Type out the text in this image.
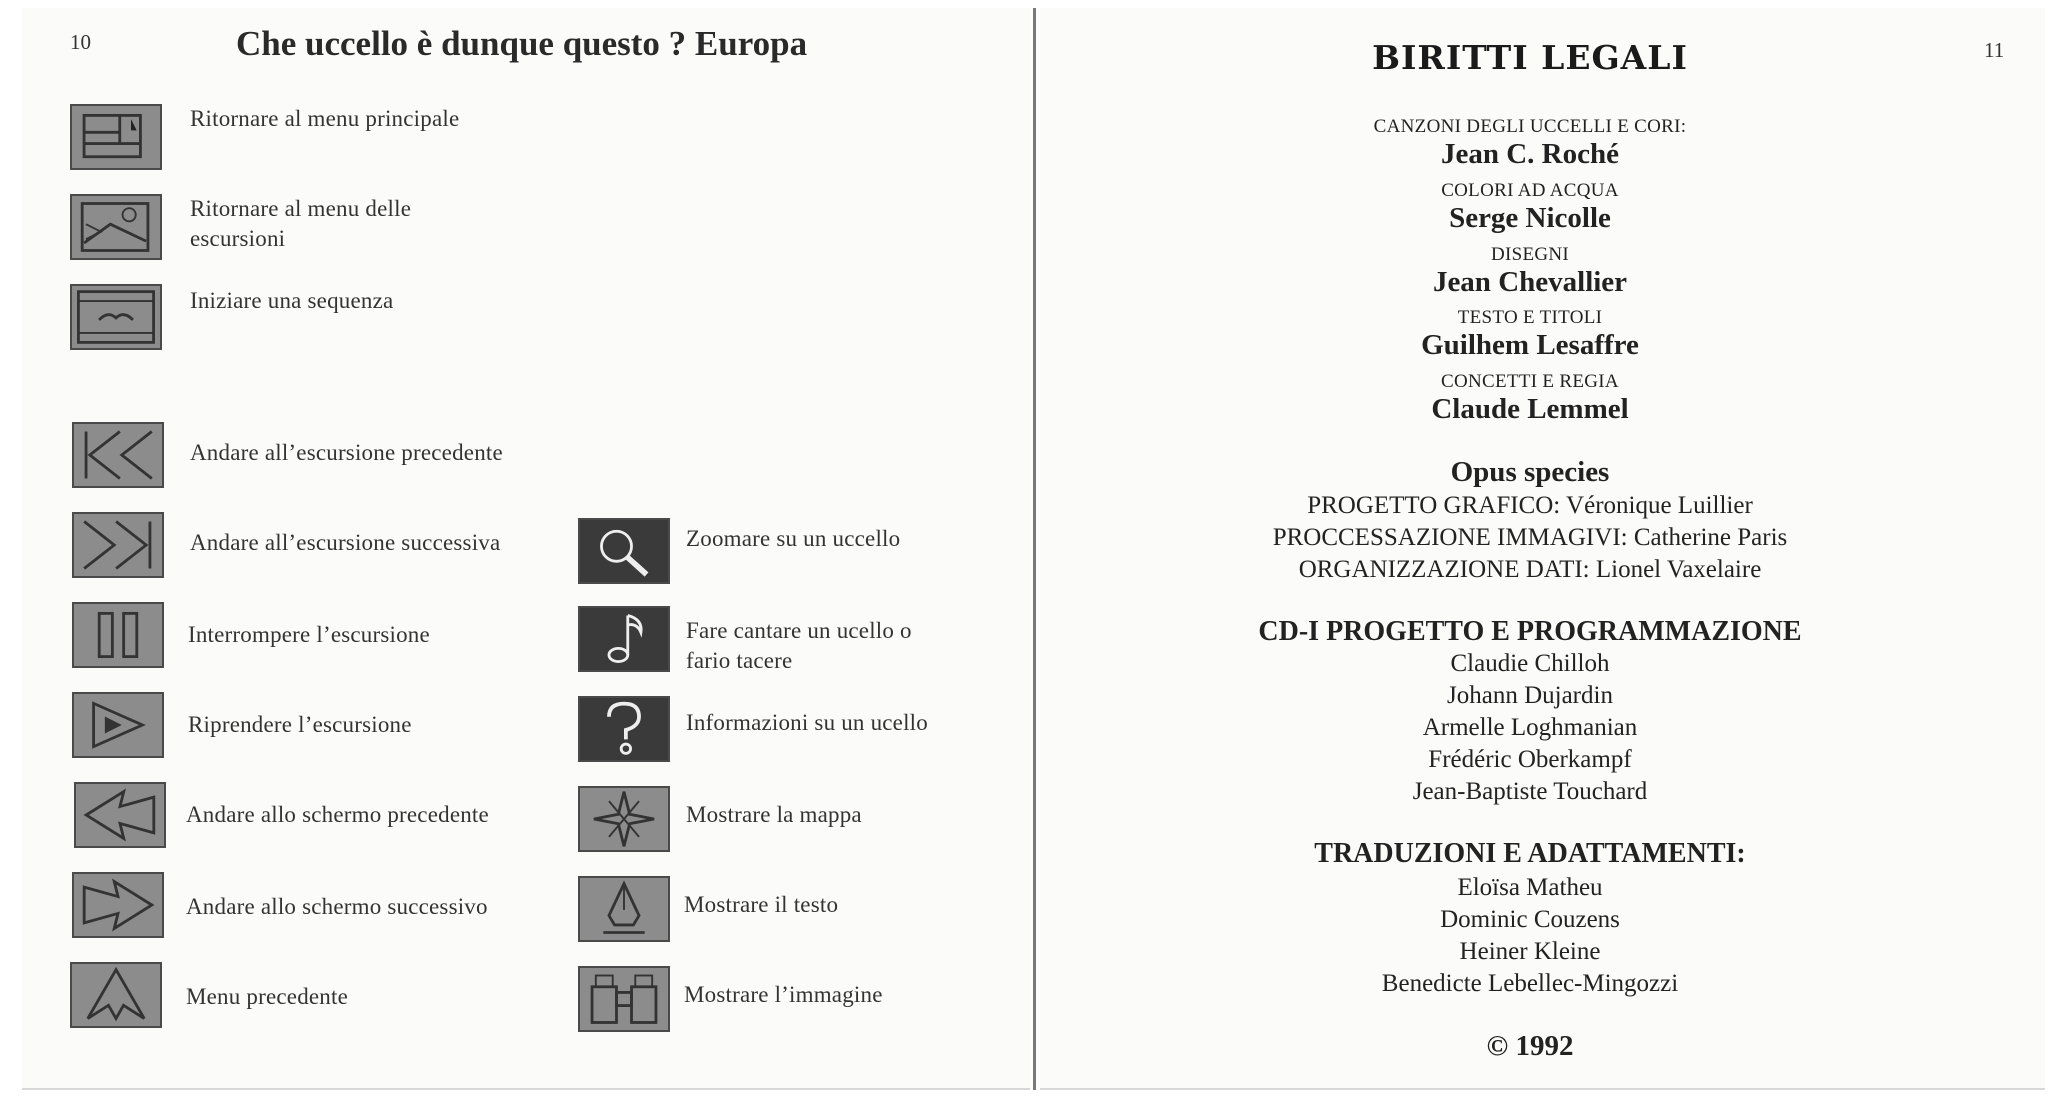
10	Che uccello è dunque questo ? Europa
Ritornare al menu principale
Ritornare al menu delle
escursioni
Iniziare una sequenza
Andare all’escursione precedente
Andare all’escursione successiva
Interrompere l’escursione
Riprendere l’escursione
Andare allo schermo precedente
Andare allo schermo successivo
Menu precedente
Zoomare su un uccello
Fare cantare un ucello o
fario tacere
Informazioni su un ucello
Mostrare la mappa
Mostrare il testo
Mostrare l’immagine
11
BIRITTI LEGALI
CANZONI DEGLI UCCELLI E CORI:
Jean C. Roché
COLORI AD ACQUA
Serge Nicolle
DISEGNI
Jean Chevallier
TESTO E TITOLI
Guilhem Lesaffre
CONCETTI E REGIA
Claude Lemmel
Opus species
PROGETTO GRAFICO: Véronique Luillier
PROCCESSAZIONE IMMAGIVI: Catherine Paris
ORGANIZZAZIONE DATI: Lionel Vaxelaire
CD-I PROGETTO E PROGRAMMAZIONE
Claudie Chilloh
Johann Dujardin
Armelle Loghmanian
Frédéric Oberkampf
Jean-Baptiste Touchard
TRADUZIONI E ADATTAMENTI:
Eloïsa Matheu
Dominic Couzens
Heiner Kleine
Benedicte Lebellec-Mingozzi
© 1992
